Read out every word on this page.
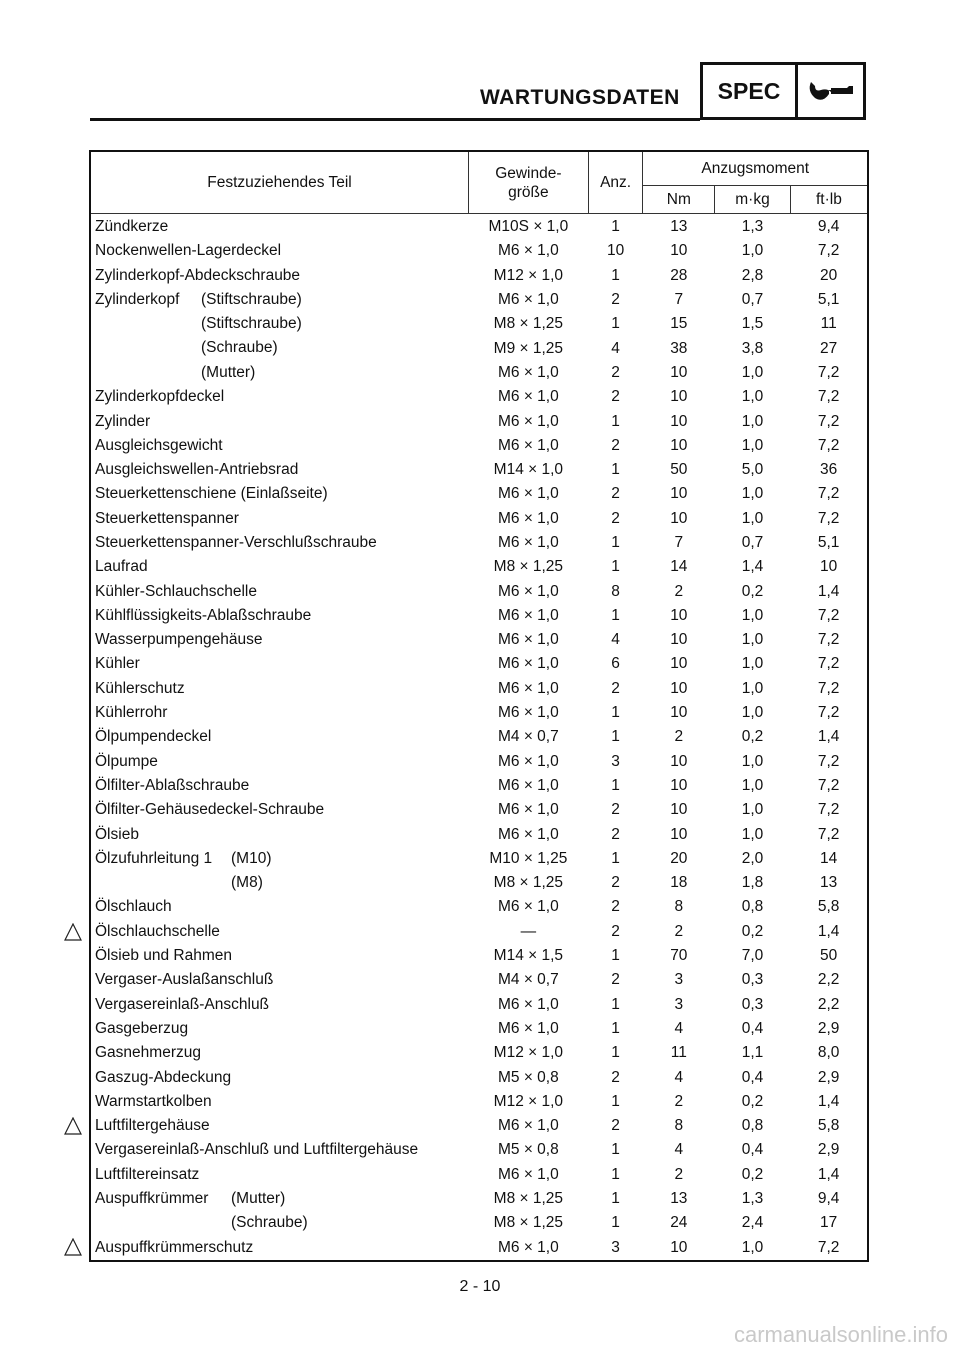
WARTUNGSDATEN	SPEC
Festzuziehendes Teil	Gewinde-
größe	Anz.	Anzugsmoment		
			Nm	m·kg	ft·lb
Zündkerze	M10S × 1,0	1	13	1,3	9,4
Nockenwellen-Lagerdeckel	M6 × 1,0	10	10	1,0	7,2
Zylinderkopf-Abdeckschraube	M12 × 1,0	1	28	2,8	20
Zylinderkopf (Stiftschraube)	M6 × 1,0	2	7	0,7	5,1

(Stiftschraube)	M8 × 1,25	1	15	1,5	11

(Schraube)	M9 × 1,25	4	38	3,8	27

(Mutter)	M6 × 1,0	2	10	1,0	7,2
Zylinderkopfdeckel	M6 × 1,0	2	10	1,0	7,2
Zylinder	M6 × 1,0	1	10	1,0	7,2
Ausgleichsgewicht	M6 × 1,0	2	10	1,0	7,2
Ausgleichswellen-Antriebsrad	M14 × 1,0	1	50	5,0	36
Steuerkettenschiene (Einlaßseite)	M6 × 1,0	2	10	1,0	7,2
Steuerkettenspanner	M6 × 1,0	2	10	1,0	7,2
Steuerkettenspanner-Verschlußschraube	M6 × 1,0	1	7	0,7	5,1
Laufrad	M8 × 1,25	1	14	1,4	10
Kühler-Schlauchschelle	M6 × 1,0	8	2	0,2	1,4
Kühlflüssigkeits-Ablaßschraube	M6 × 1,0	1	10	1,0	7,2
Wasserpumpengehäuse	M6 × 1,0	4	10	1,0	7,2
Kühler	M6 × 1,0	6	10	1,0	7,2
Kühlerschutz	M6 × 1,0	2	10	1,0	7,2
Kühlerrohr	M6 × 1,0	1	10	1,0	7,2
Ölpumpendeckel	M4 × 0,7	1	2	0,2	1,4
Ölpumpe	M6 × 1,0	3	10	1,0	7,2
Ölfilter-Ablaßschraube	M6 × 1,0	1	10	1,0	7,2
Ölfilter-Gehäusedeckel-Schraube	M6 × 1,0	2	10	1,0	7,2
Ölsieb	M6 × 1,0	2	10	1,0	7,2
Ölzufuhrleitung 1 (M10)	M10 × 1,25	1	20	2,0	14

(M8)	M8 × 1,25	2	18	1,8	13
Ölschlauch	M6 × 1,0	2	8	0,8	5,8

Ölschlauchschelle	—	2	2	0,2	1,4
Ölsieb und Rahmen	M14 × 1,5	1	70	7,0	50
Vergaser-Auslaßanschluß	M4 × 0,7	2	3	0,3	2,2
Vergasereinlaß-Anschluß	M6 × 1,0	1	3	0,3	2,2
Gasgeberzug	M6 × 1,0	1	4	0,4	2,9
Gasnehmerzug	M12 × 1,0	1	11	1,1	8,0
Gaszug-Abdeckung	M5 × 0,8	2	4	0,4	2,9
Warmstartkolben	M12 × 1,0	1	2	0,2	1,4

Luftfiltergehäuse	M6 × 1,0	2	8	0,8	5,8
Vergasereinlaß-Anschluß und Luftfiltergehäuse	M5 × 0,8	1	4	0,4	2,9
Luftfiltereinsatz	M6 × 1,0	1	2	0,2	1,4
Auspuffkrümmer (Mutter)	M8 × 1,25	1	13	1,3	9,4

(Schraube)	M8 × 1,25	1	24	2,4	17

Auspuffkrümmerschutz	M6 × 1,0	3	10	1,0	7,2
2 - 10
carmanualsonline.info
